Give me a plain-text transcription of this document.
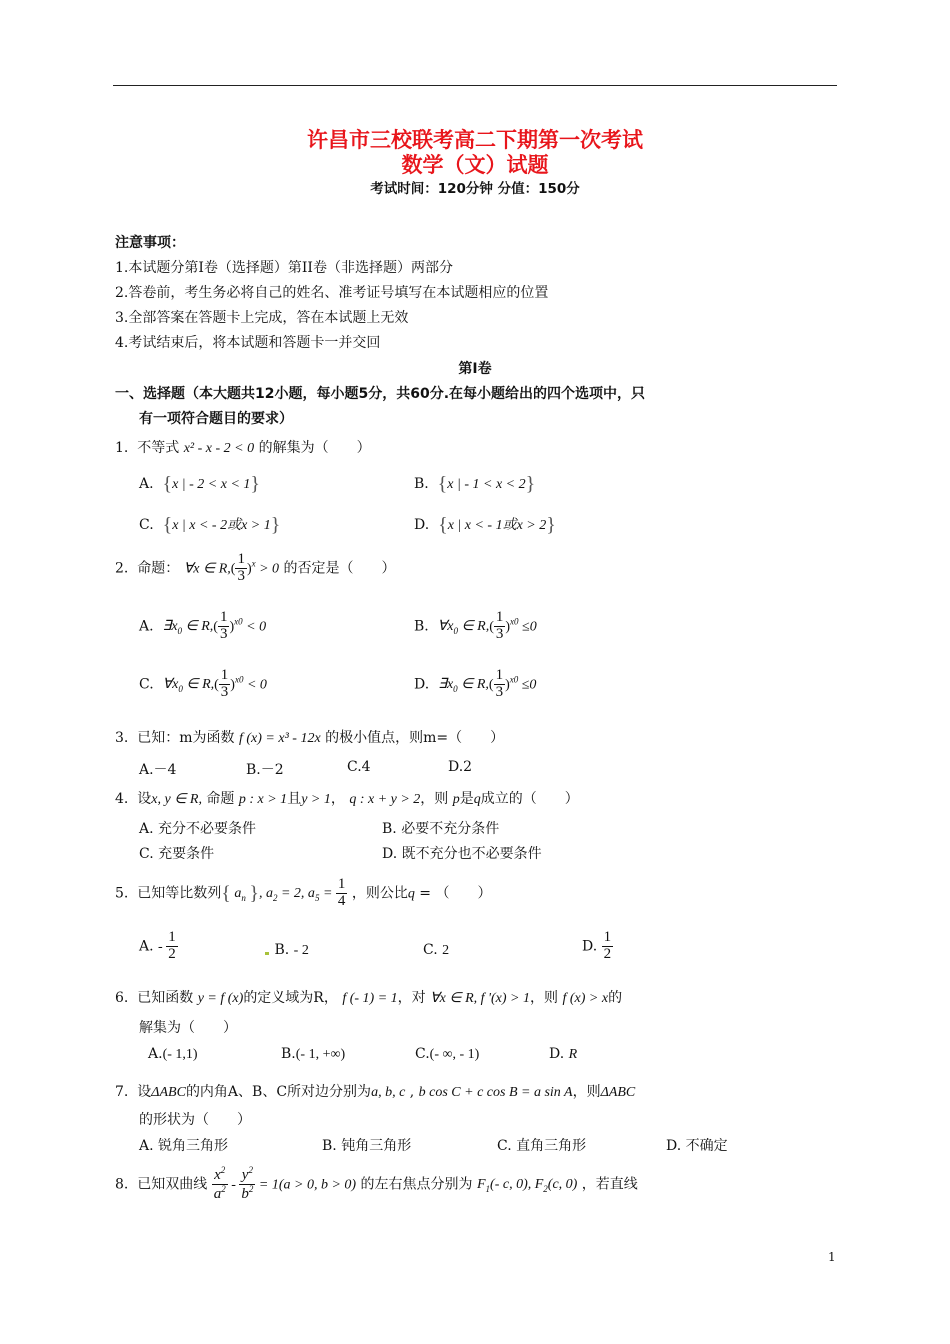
许昌市三校联考高二下期第一次考试
数学（文）试题
考试时间：120分钟 分值：150分
注意事项：
1.本试题分第Ⅰ卷（选择题）第II卷（非选择题）两部分
2.答卷前，考生务必将自己的姓名、准考证号填写在本试题相应的位置
3.全部答案在答题卡上完成，答在本试题上无效
4.考试结束后，将本试题和答题卡一并交回
第Ⅰ卷
一、选择题（本大题共12小题，每小题5分，共60分.在每小题给出的四个选项中，只
有一项符合题目的要求）
1. 不等式 x² - x - 2 < 0 的解集为（　　）
A. {x | - 2 < x < 1}	B. {x | - 1 < x < 2}
C. {x | x < - 2或x > 1}	D. {x | x < - 1或x > 2}
2. 命题： ∀x ∈ $R,( \frac{1}{3} )^x > 0$ 的否定是（　　）
A. $\exists x_0$ ∈ $R,( \frac{1}{3} )^{x0} < 0$	B. $\forall x_0$ ∈ $R,( \frac{1}{3} )^{x0} \le 0$
C. $\forall x_0$ ∈ $R,( \frac{1}{3} )^{x0} < 0$	D. $\exists x_0$ ∈ $R,( \frac{1}{3} )^{x0} \le 0$
3. 已知：m为函数 f (x) = x³ - 12x 的极小值点，则m=（　　）
A.－4	B.－2	C.4	D.2
4. 设x, y ∈ R, 命题 p : x > 1且y > 1， q : x + y > 2，则 p是q成立的（　　）
A. 充分不必要条件	B. 必要不充分条件
C. 充要条件	D. 既不充分也不必要条件
5. 已知等比数列{ $a_n$ }, $a_2 = 2$, $a_5 = \frac{1}{4}$ ，则公比q = （　　）
A. - $\frac{1}{2}$	B. - 2	C. 2	D. $\frac{1}{2}$
6. 已知函数 y = f (x)的定义域为R， f (- 1) = 1，对 ∀x ∈ R, f '(x) > 1，则 f (x) > x的
解集为（　　）
A.(- 1,1)	B.(- 1, +∞)	C.(- ∞, - 1)	D. R
7. 设ΔABC的内角A、B、C所对边分别为a, b, c , b cos C + c cos B = a sin A，则ΔABC
的形状为（　　）
A. 锐角三角形	B. 钝角三角形	C. 直角三角形	D. 不确定
8. 已知双曲线 $\frac{x^2}{a^2} - \frac{y^2}{b^2} = 1(a > 0$, b > 0) 的左右焦点分别为 $F_1(-$ c, 0), $F_2(c$, 0) ，若直线
1
